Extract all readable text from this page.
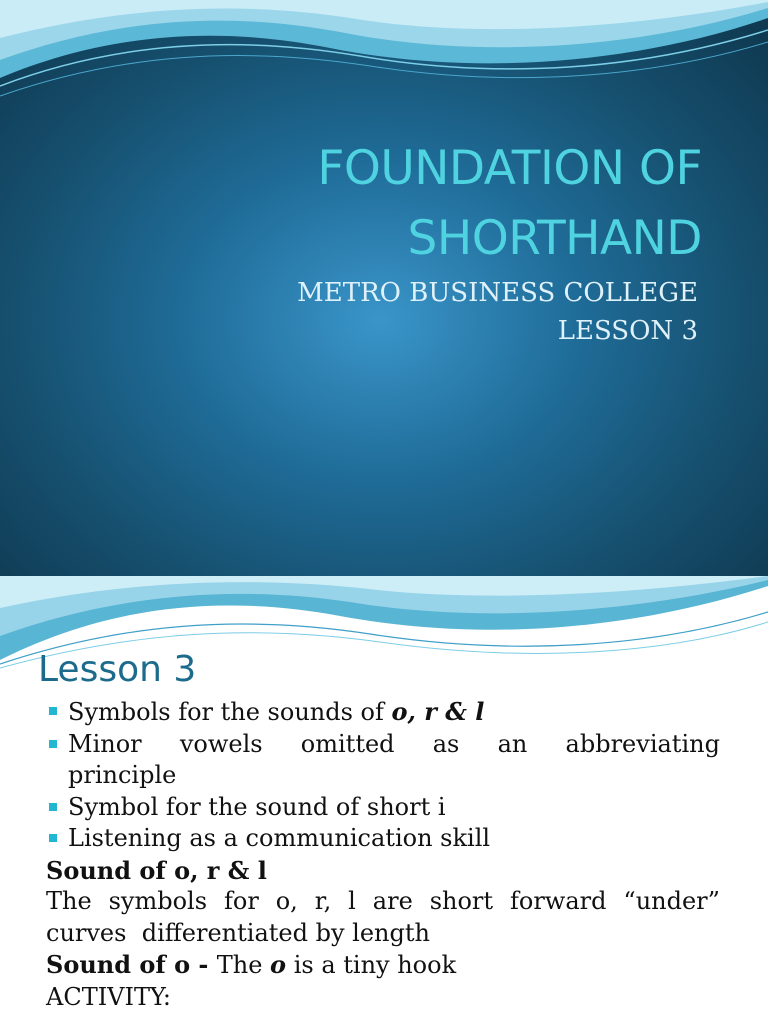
FOUNDATION OF
SHORTHAND
METRO BUSINESS COLLEGE
LESSON 3
Lesson 3
Symbols for the sounds of o, r & l
Minor vowels omitted as an abbreviating
principle
Symbol for the sound of short i
Listening as a communication skill
Sound of o, r & l
The symbols for o, r, l are short forward “under”
curves  differentiated by length
Sound of o - The o is a tiny hook
ACTIVITY:
